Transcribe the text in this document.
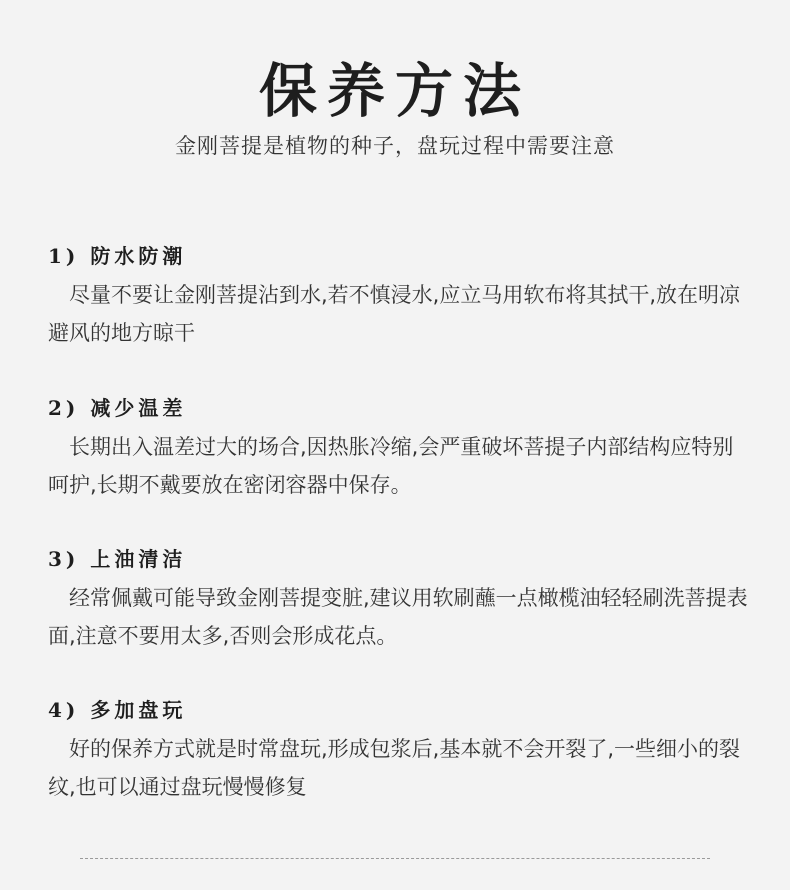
保养方法
金刚菩提是植物的种子，盘玩过程中需要注意
1) 防水防潮
　尽量不要让金刚菩提沾到水,若不慎浸水,应立马用软布将其拭干,放在明凉避风的地方晾干
2) 减少温差
　长期出入温差过大的场合,因热胀冷缩,会严重破坏菩提子内部结构应特别呵护,长期不戴要放在密闭容器中保存。
3) 上油清洁
　经常佩戴可能导致金刚菩提变脏,建议用软刷蘸一点橄榄油轻轻刷洗菩提表面,注意不要用太多,否则会形成花点。
4) 多加盘玩
　好的保养方式就是时常盘玩,形成包浆后,基本就不会开裂了,一些细小的裂纹,也可以通过盘玩慢慢修复
